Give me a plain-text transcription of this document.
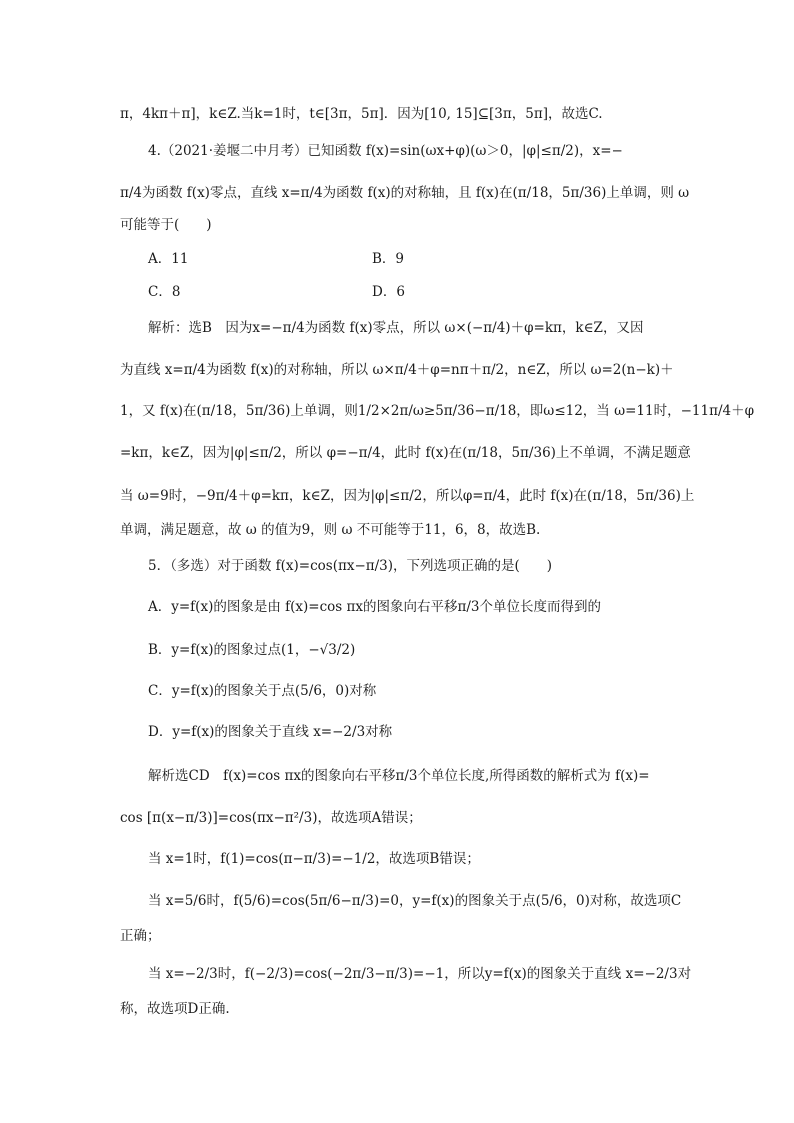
π，4kπ＋π]，k∈Z.当k=1时，t∈[3π，5π]．因为[10, 15]⊆[3π，5π]，故选C.
4.（2021·姜堰二中月考）已知函数 f(x)=sin(ωx+φ)(ω＞0，|φ|≤π/2)，x=−
π/4为函数 f(x)零点，直线 x=π/4为函数 f(x)的对称轴，且 f(x)在(π/18，5π/36)上单调，则 ω
可能等于(　　)
A．11	B．9
C．8	D．6
解析：选B　因为x=−π/4为函数 f(x)零点，所以 ω×(−π/4)＋φ=kπ，k∈Z，又因
为直线 x=π/4为函数 f(x)的对称轴，所以 ω×π/4＋φ=nπ＋π/2，n∈Z，所以 ω=2(n−k)＋
1，又 f(x)在(π/18，5π/36)上单调，则1/2×2π/ω≥5π/36−π/18，即ω≤12，当 ω=11时，−11π/4＋φ
=kπ，k∈Z，因为|φ|≤π/2，所以 φ=−π/4，此时 f(x)在(π/18，5π/36)上不单调，不满足题意
当 ω=9时，−9π/4＋φ=kπ，k∈Z，因为|φ|≤π/2，所以φ=π/4，此时 f(x)在(π/18，5π/36)上
单调，满足题意，故 ω 的值为9，则 ω 不可能等于11，6，8，故选B.
5．（多选）对于函数 f(x)=cos(πx−π/3)，下列选项正确的是(　　)
A．y=f(x)的图象是由 f(x)=cos πx的图象向右平移π/3个单位长度而得到的
B．y=f(x)的图象过点(1，−√3/2)
C．y=f(x)的图象关于点(5/6，0)对称
D．y=f(x)的图象关于直线 x=−2/3对称
解析选CD　f(x)=cos πx的图象向右平移π/3个单位长度,所得函数的解析式为 f(x)=
cos [π(x−π/3)]=cos(πx−π²/3)，故选项A错误；
当 x=1时，f(1)=cos(π−π/3)=−1/2，故选项B错误；
当 x=5/6时，f(5/6)=cos(5π/6−π/3)=0，y=f(x)的图象关于点(5/6，0)对称，故选项C
正确；
当 x=−2/3时，f(−2/3)=cos(−2π/3−π/3)=−1，所以y=f(x)的图象关于直线 x=−2/3对
称，故选项D正确.
